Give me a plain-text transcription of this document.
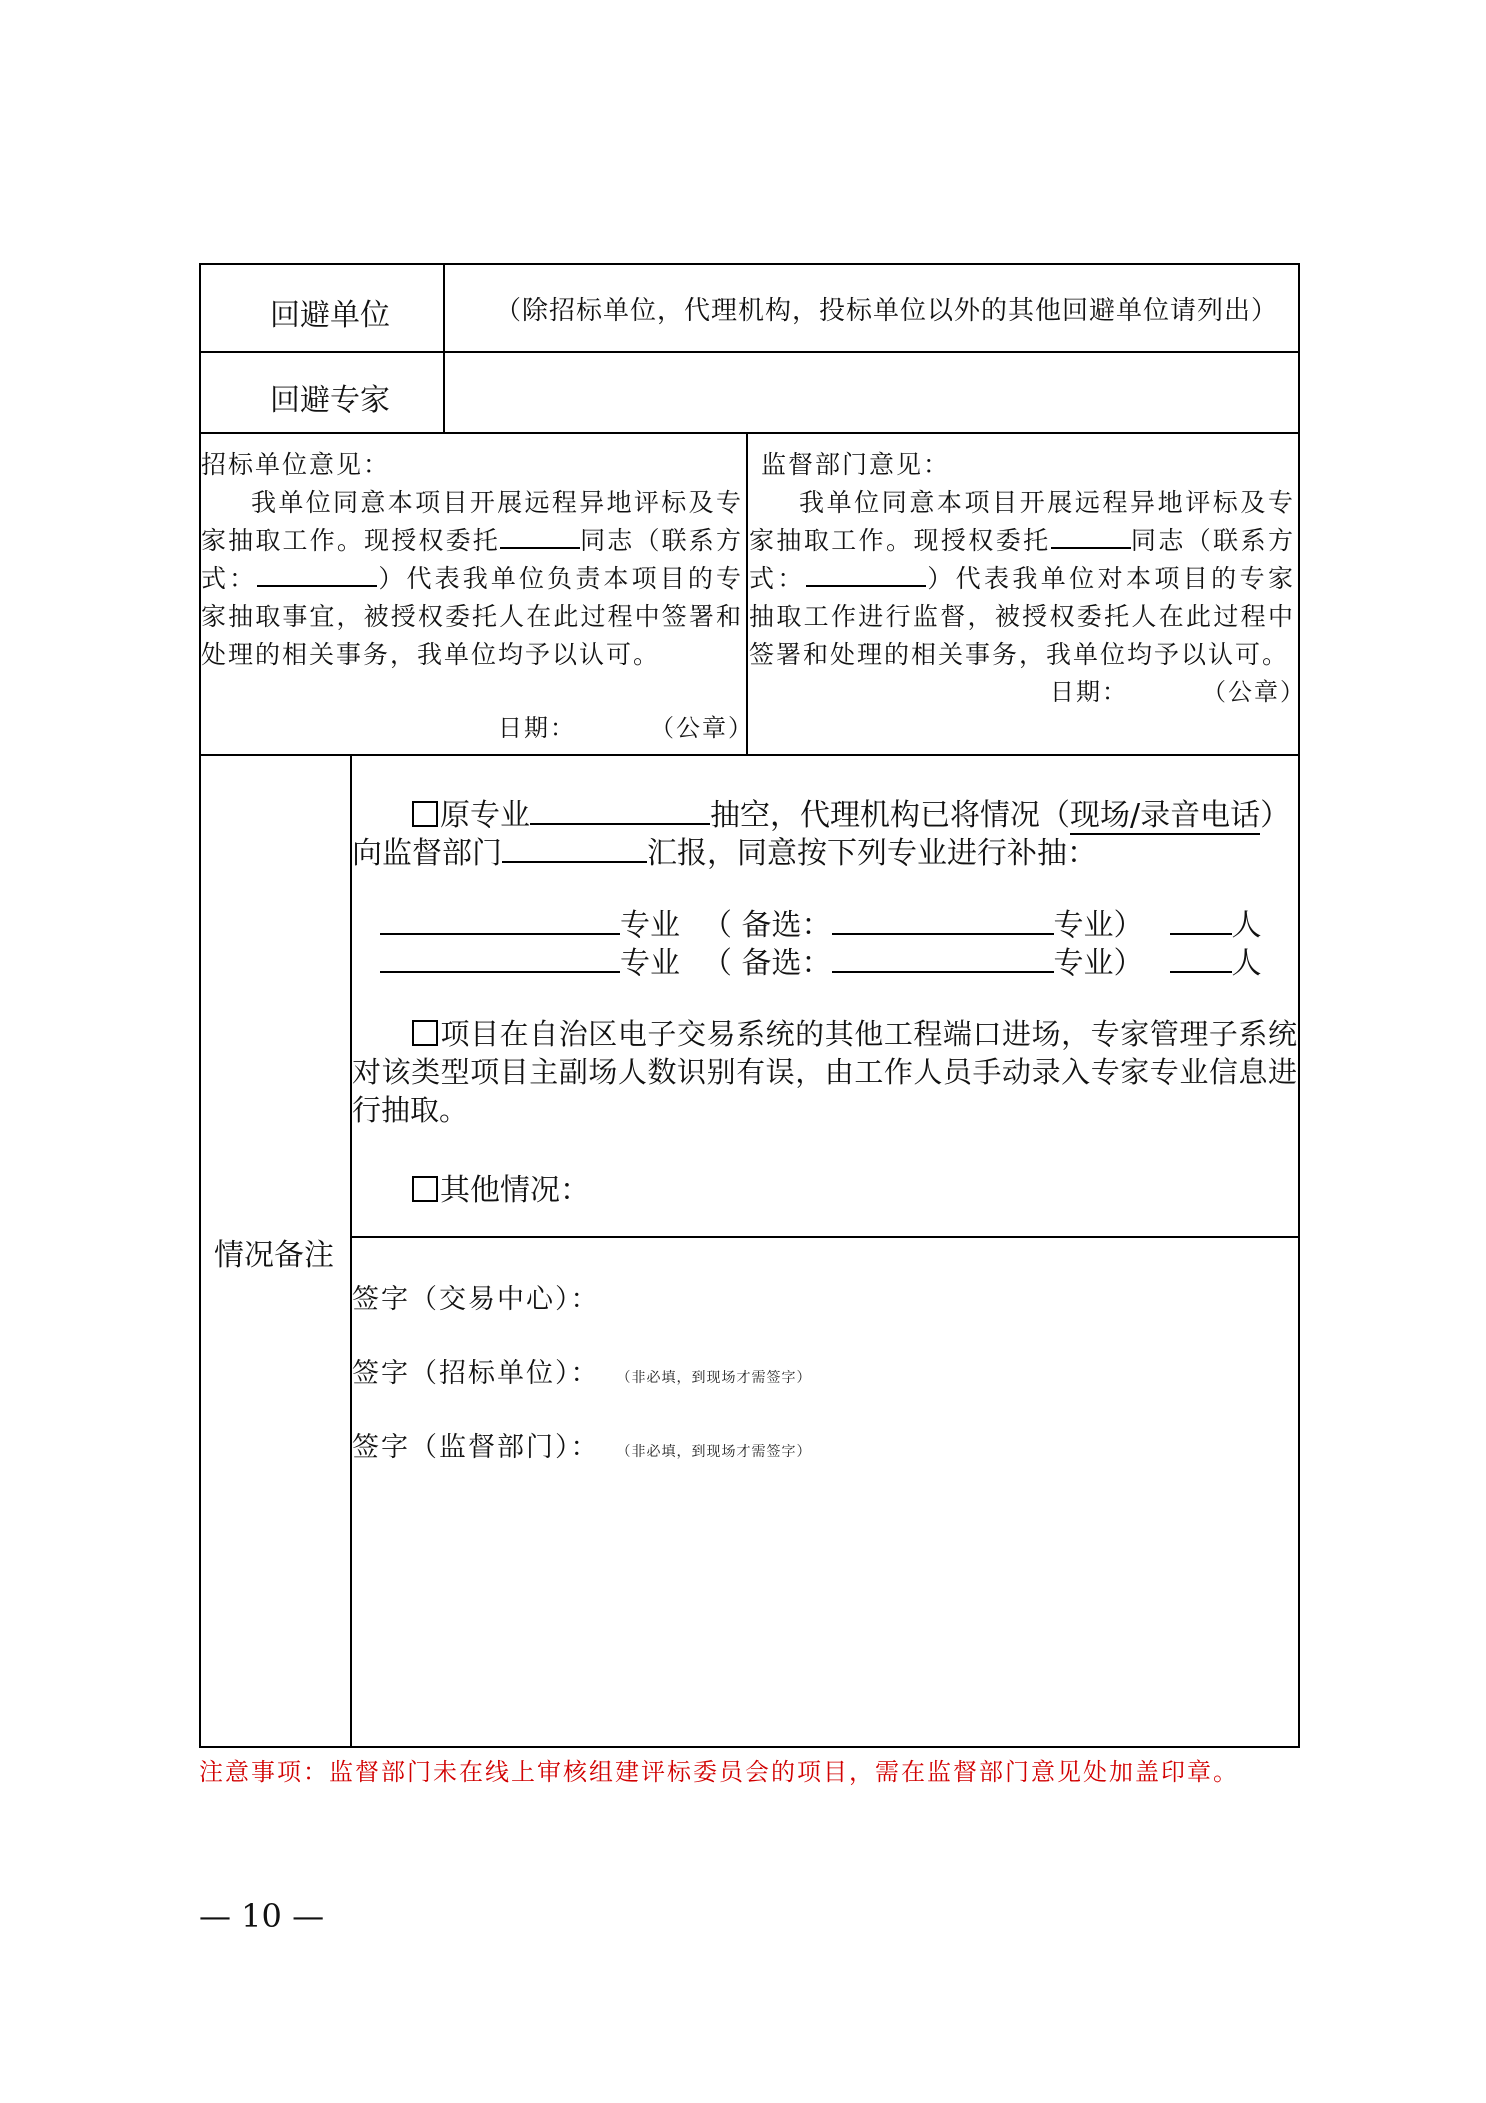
回避单位	（除招标单位，代理机构，投标单位以外的其他回避单位请列出）
回避专家

招标单位意见：

我单位同意本项目开展远程异地评标及专家抽取工作。现授权委托	同志（联系方式：	）代表我单位负责本项目的专家抽取事宜，被授权委托人在此过程中签署和处理的相关事务，我单位均予以认可。

日期：	（公章）

监督部门意见：

我单位同意本项目开展远程异地评标及专家抽取工作。现授权委托	同志（联系方式：	）代表我单位对本项目的专家抽取工作进行监督，被授权委托人在此过程中签署和处理的相关事务，我单位均予以认可。

日期：	（公章）
情况备注
原专业	抽空，代理机构已将情况（现场/录音电话）
向监督部门	汇报，同意按下列专业进行补抽：
专业 （ 备选：	专业）	人
专业 （ 备选：	专业）	人
项目在自治区电子交易系统的其他工程端口进场，专家管理子系统对该类型项目主副场人数识别有误，由工作人员手动录入专家专业信息进行抽取。
其他情况：
签字（交易中心）：
签字（招标单位）： （非必填，到现场才需签字）
签字（监督部门）： （非必填，到现场才需签字）
注意事项：监督部门未在线上审核组建评标委员会的项目，需在监督部门意见处加盖印章。
— 10 —
